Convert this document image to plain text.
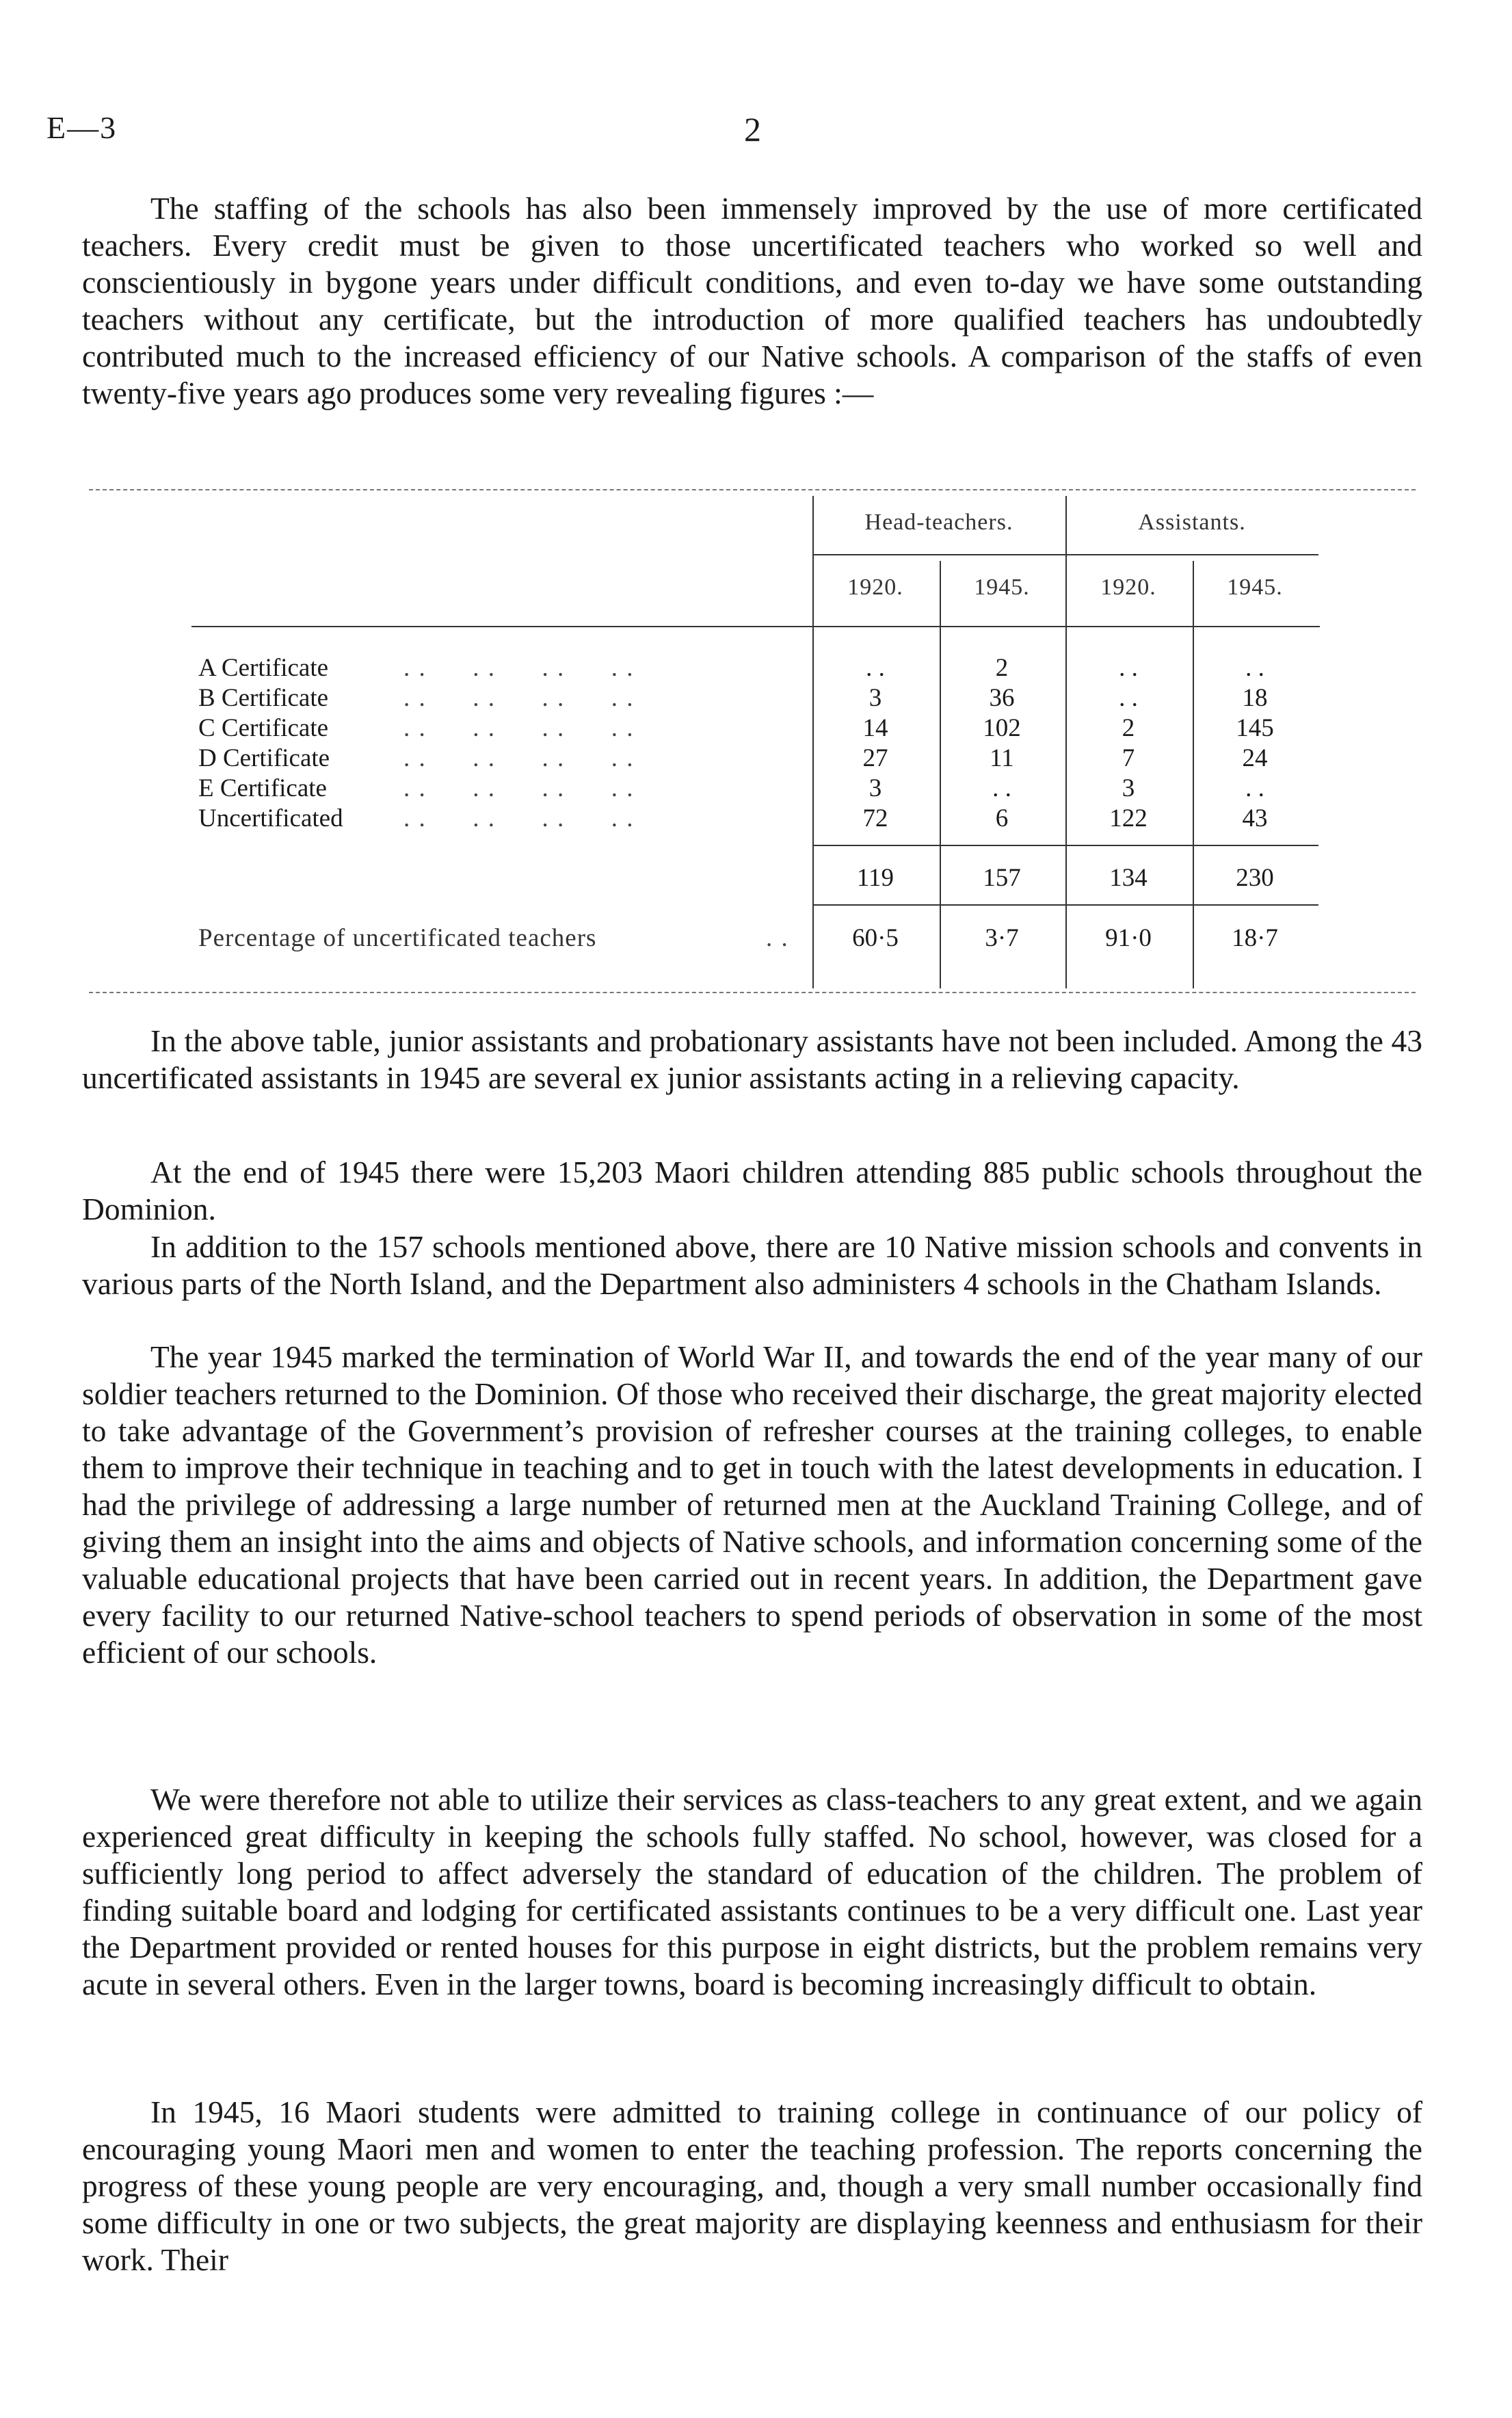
E—3	2

The staffing of the schools has also been immensely improved by the use of more certificated teachers. Every credit must be given to those uncertificated teachers who worked so well and conscientiously in bygone years under difficult conditions, and even to-day we have some outstanding teachers without any certificate, but the introduction of more qualified teachers has undoubtedly contributed much to the increased efficiency of our Native schools. A comparison of the staffs of even twenty-five years ago produces some very revealing figures :—

Head-teachers.	Assistants.
1920.	1945.	1920.	1945.
A Certificate	. .      . .      . .      . .	. .	2	. .	. .
B Certificate	. .      . .      . .      . .	3	36	. .	18
C Certificate	. .      . .      . .      . .	14	102	2	145
D Certificate	. .      . .      . .      . .	27	11	7	24
E Certificate	. .      . .      . .      . .	3	. .	3	. .
Uncertificated . .      . .      . .      . .	72	6	122	43
119	157	134	230
Percentage of uncertificated teachers	. .	60·5	3·7	91·0	18·7

In the above table, junior assistants and probationary assistants have not been included. Among the 43 uncertificated assistants in 1945 are several ex junior assistants acting in a relieving capacity.

At the end of 1945 there were 15,203 Maori children attending 885 public schools throughout the Dominion.

In addition to the 157 schools mentioned above, there are 10 Native mission schools and convents in various parts of the North Island, and the Department also administers 4 schools in the Chatham Islands.

The year 1945 marked the termination of World War II, and towards the end of the year many of our soldier teachers returned to the Dominion. Of those who received their discharge, the great majority elected to take advantage of the Government’s provision of refresher courses at the training colleges, to enable them to improve their technique in teaching and to get in touch with the latest developments in education. I had the privilege of addressing a large number of returned men at the Auckland Training College, and of giving them an insight into the aims and objects of Native schools, and information concerning some of the valuable educational projects that have been carried out in recent years. In addition, the Department gave every facility to our returned Native-school teachers to spend periods of observation in some of the most efficient of our schools.

We were therefore not able to utilize their services as class-teachers to any great extent, and we again experienced great difficulty in keeping the schools fully staffed. No school, however, was closed for a sufficiently long period to affect adversely the standard of education of the children. The problem of finding suitable board and lodging for certificated assistants continues to be a very difficult one. Last year the Department provided or rented houses for this purpose in eight districts, but the problem remains very acute in several others. Even in the larger towns, board is becoming increasingly difficult to obtain.

In 1945, 16 Maori students were admitted to training college in continuance of our policy of encouraging young Maori men and women to enter the teaching profession. The reports concerning the progress of these young people are very encouraging, and, though a very small number occasionally find some difficulty in one or two subjects, the great majority are displaying keenness and enthusiasm for their work. Their
